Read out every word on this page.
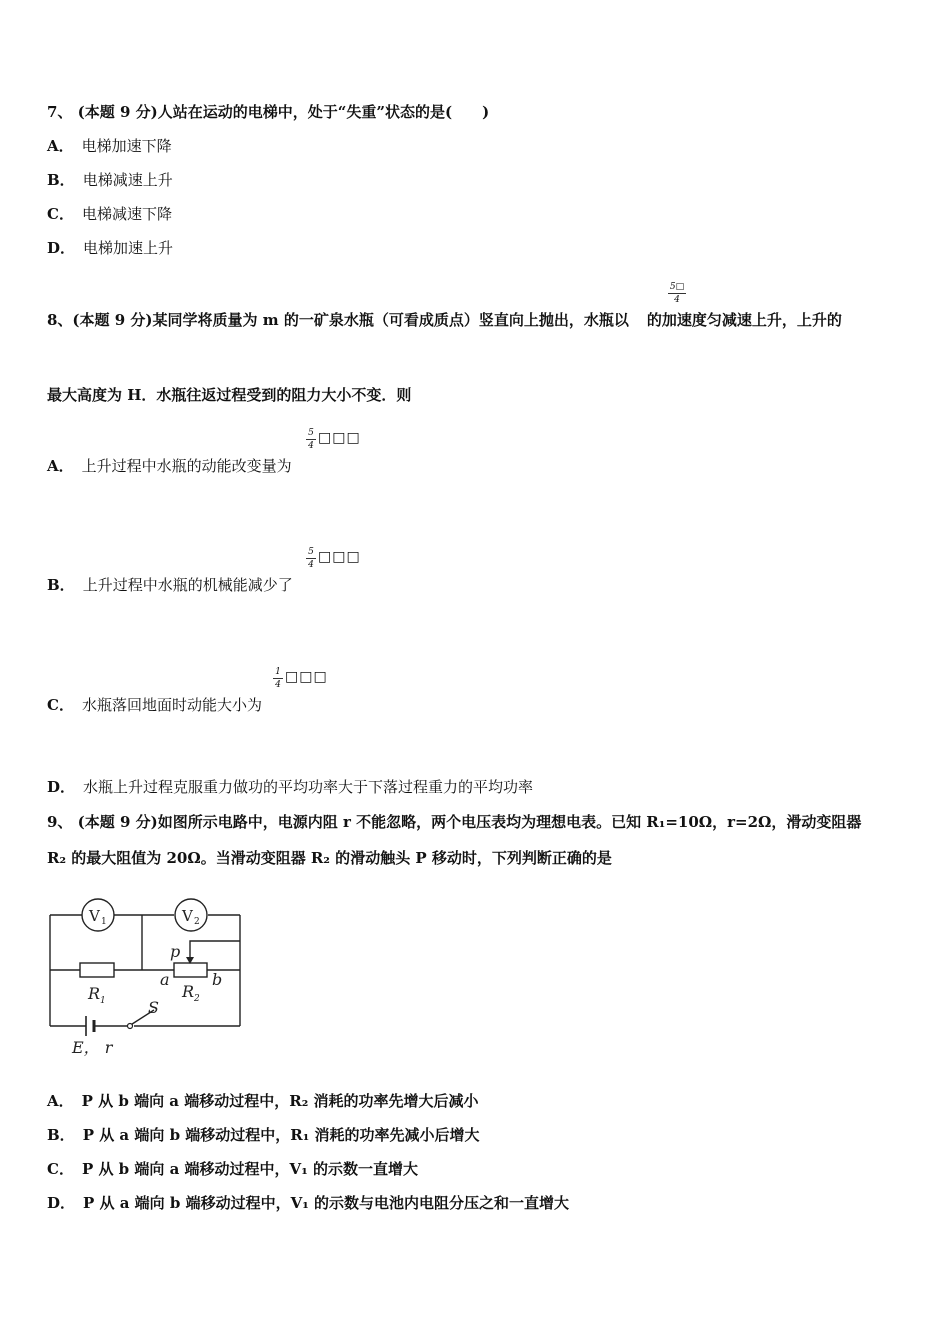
7、 (本题 9 分)人站在运动的电梯中，处于“失重”状态的是(　　)
A． 电梯加速下降
B． 电梯减速上升
C． 电梯减速下降
D． 电梯加速上升
5□
4
8、(本题 9 分)某同学将质量为 m 的一矿泉水瓶（可看成质点）竖直向上抛出，水瓶以 的加速度匀减速上升，上升的
最大高度为 H．水瓶往返过程受到的阻力大小不变．则
5
4 □□□
A． 上升过程中水瓶的动能改变量为
5
4 □□□
B． 上升过程中水瓶的机械能减少了
1
4 □□□
C． 水瓶落回地面时动能大小为
D． 水瓶上升过程克服重力做功的平均功率大于下落过程重力的平均功率
9、 (本题 9 分)如图所示电路中，电源内阻 r 不能忽略，两个电压表均为理想电表。已知 R₁=10Ω，r=2Ω，滑动变阻器
R₂ 的最大阻值为 20Ω。当滑动变阻器 R₂ 的滑动触头 P 移动时，下列判断正确的是
V 1	V 2
R 1	R 2
p
a	b
S
E， r
A． P 从 b 端向 a 端移动过程中，R₂ 消耗的功率先增大后减小
B． P 从 a 端向 b 端移动过程中，R₁ 消耗的功率先减小后增大
C． P 从 b 端向 a 端移动过程中，V₁ 的示数一直增大
D． P 从 a 端向 b 端移动过程中，V₁ 的示数与电池内电阻分压之和一直增大
